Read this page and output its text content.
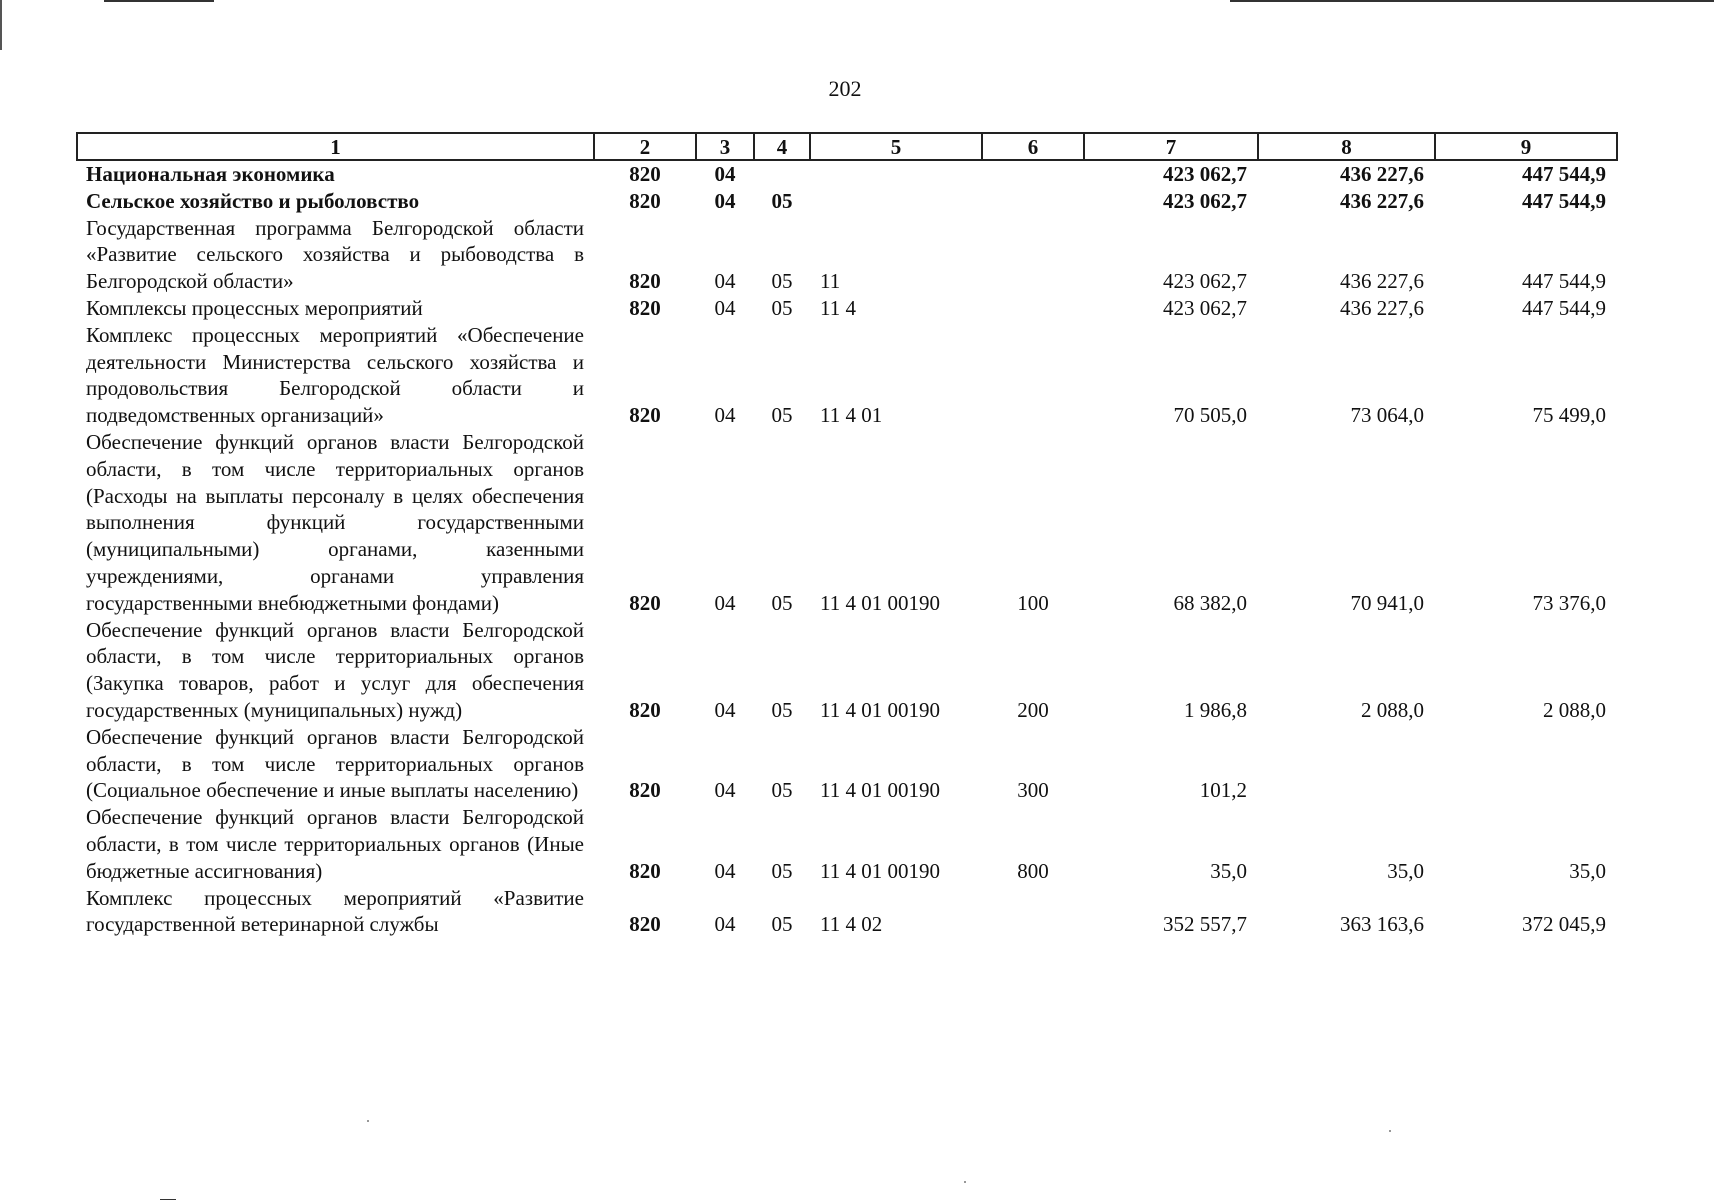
202
1	2	3	4	5	6	7	8	9
Национальная экономика	820	04				423 062,7	436 227,6	447 544,9
Сельское хозяйство и рыболовство	820	04	05			423 062,7	436 227,6	447 544,9
Государственная программа Белгородской области «Развитие сельского хозяйства и рыбоводства в Белгородской области»	820	04	05	11		423 062,7	436 227,6	447 544,9
Комплексы процессных мероприятий	820	04	05	11 4		423 062,7	436 227,6	447 544,9
Комплекс процессных мероприятий «Обеспечение деятельности Министерства сельского хозяйства и продовольствия Белгородской области и подведомственных организаций»	820	04	05	11 4 01		70 505,0	73 064,0	75 499,0
Обеспечение функций органов власти Белгородской области, в том числе территориальных органов (Расходы на выплаты персоналу в целях обеспечения выполнения функций государственными (муниципальными) органами, казенными учреждениями, органами управления государственными внебюджетными фондами)	820	04	05	11 4 01 00190	100	68 382,0	70 941,0	73 376,0
Обеспечение функций органов власти Белгородской области, в том числе территориальных органов (Закупка товаров, работ и услуг для обеспечения государственных (муниципальных) нужд)	820	04	05	11 4 01 00190	200	1 986,8	2 088,0	2 088,0
Обеспечение функций органов власти Белгородской области, в том числе территориальных органов (Социальное обеспечение и иные выплаты населению)	820	04	05	11 4 01 00190	300	101,2		
Обеспечение функций органов власти Белгородской области, в том числе территориальных органов (Иные бюджетные ассигнования)	820	04	05	11 4 01 00190	800	35,0	35,0	35,0
Комплекс процессных мероприятий «Развитие государственной ветеринарной службы	820	04	05	11 4 02		352 557,7	363 163,6	372 045,9
